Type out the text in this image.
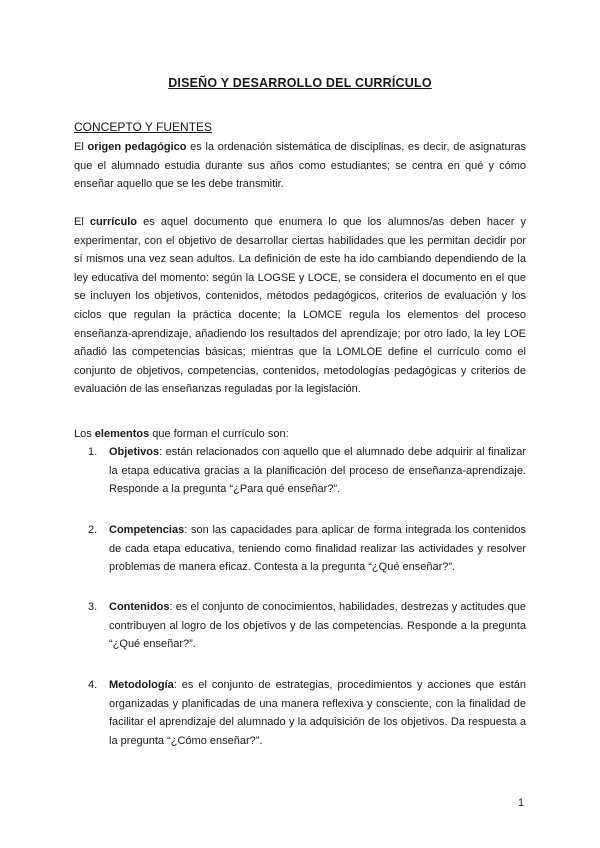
DISEÑO Y DESARROLLO DEL CURRÍCULO
CONCEPTO Y FUENTES

El origen pedagógico es la ordenación sistemática de disciplinas, es decir, de asignaturas que el alumnado estudia durante sus años como estudiantes; se centra en qué y cómo enseñar aquello que se les debe transmitir.

El currículo es aquel documento que enumera lo que los alumnos/as deben hacer y experimentar, con el objetivo de desarrollar ciertas habilidades que les permitan decidir por sí mismos una vez sean adultos. La definición de este ha ido cambiando dependiendo de la ley educativa del momento: según la LOGSE y LOCE, se considera el documento en el que se incluyen los objetivos, contenidos, métodos pedagógicos, criterios de evaluación y los ciclos que regulan la práctica docente; la LOMCE regula los elementos del proceso enseñanza-aprendizaje, añadiendo los resultados del aprendizaje; por otro lado, la ley LOE añadió las competencias básicas; mientras que la LOMLOE define el currículo como el conjunto de objetivos, competencias, contenidos, metodologías pedagógicas y criterios de evaluación de las enseñanzas reguladas por la legislación.

Los elementos que forman el currículo son:

1.	Objetivos: están relacionados con aquello que el alumnado debe adquirir al finalizar la etapa educativa gracias a la planificación del proceso de enseñanza-aprendizaje. Responde a la pregunta “¿Para qué enseñar?”.
2.	Competencias: son las capacidades para aplicar de forma integrada los contenidos de cada etapa educativa, teniendo como finalidad realizar las actividades y resolver problemas de manera eficaz. Contesta a la pregunta “¿Qué enseñar?”.
3.	Contenidos: es el conjunto de conocimientos, habilidades, destrezas y actitudes que contribuyen al logro de los objetivos y de las competencias. Responde a la pregunta “¿Qué enseñar?”.
4.	Metodología: es el conjunto de estrategias, procedimientos y acciones que están organizadas y planificadas de una manera reflexiva y consciente, con la finalidad de facilitar el aprendizaje del alumnado y la adquisición de los objetivos. Da respuesta a la pregunta “¿Cómo enseñar?”.
1
